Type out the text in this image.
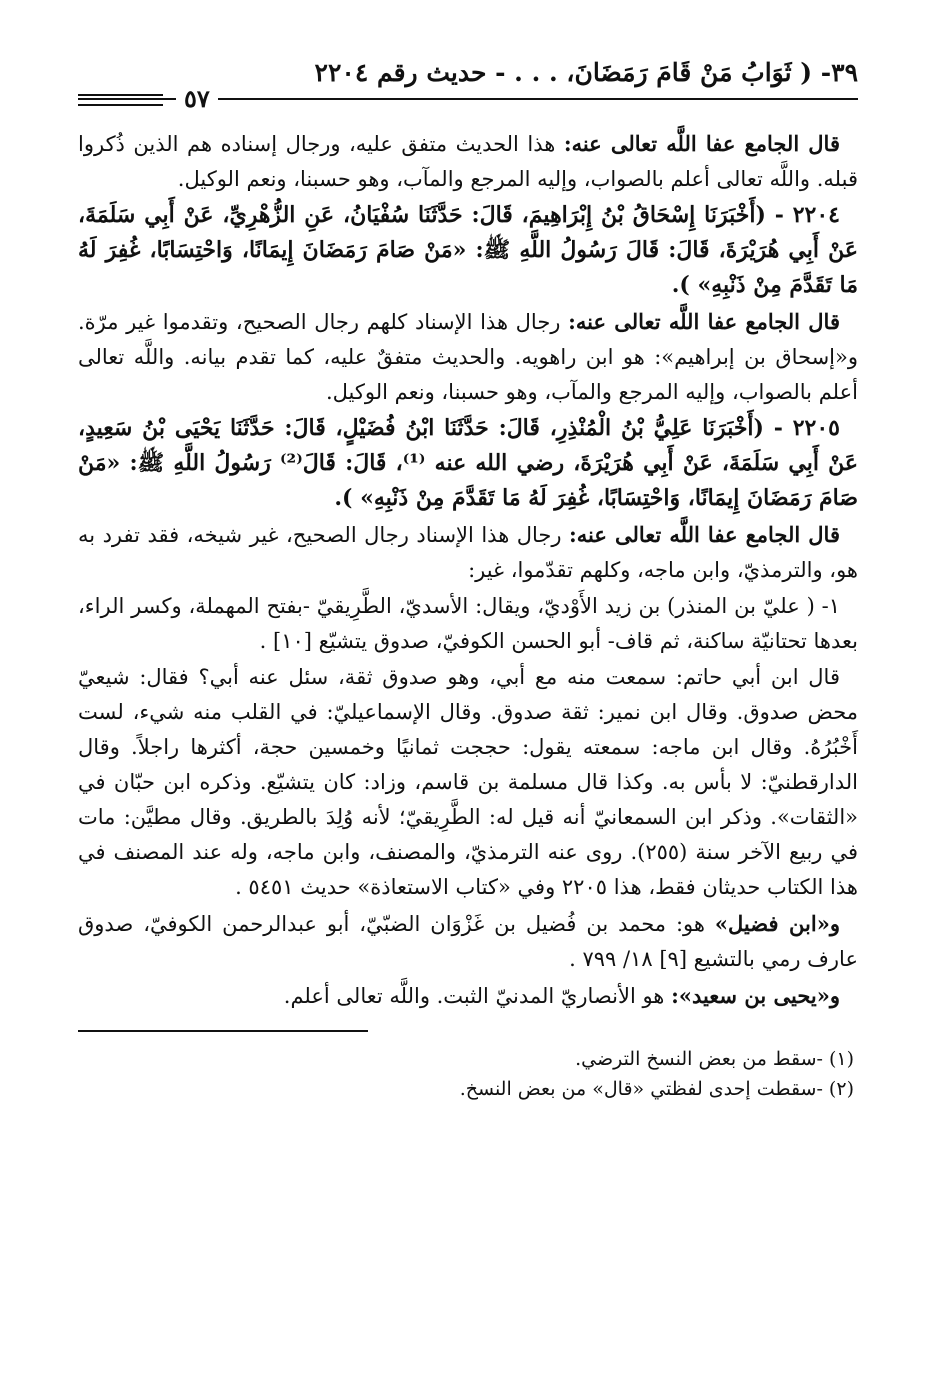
٣٩- ( ثَوَابُ مَنْ قَامَ رَمَضَانَ، . . . - حديث رقم ٢٢٠٤
٥٧

قال الجامع عفا اللَّه تعالى عنه: هذا الحديث متفق عليه، ورجال إسناده هم الذين ذُكروا قبله. واللَّه تعالى أعلم بالصواب، وإليه المرجع والمآب، وهو حسبنا، ونعم الوكيل.

٢٢٠٤ - (أَخْبَرَنَا إِسْحَاقُ بْنُ إِبْرَاهِيمَ، قَالَ: حَدَّثَنَا سُفْيَانُ، عَنِ الزُّهْرِيِّ، عَنْ أَبِي سَلَمَةَ، عَنْ أَبِي هُرَيْرَةَ، قَالَ: قَالَ رَسُولُ اللَّهِ ﷺ: «مَنْ صَامَ رَمَضَانَ إِيمَانًا، وَاحْتِسَابًا، غُفِرَ لَهُ مَا تَقَدَّمَ مِنْ ذَنْبِهِ» ).

قال الجامع عفا اللَّه تعالى عنه: رجال هذا الإسناد كلهم رجال الصحيح، وتقدموا غير مرّة. و«إسحاق بن إبراهيم»: هو ابن راهويه. والحديث متفقٌ عليه، كما تقدم بيانه. واللَّه تعالى أعلم بالصواب، وإليه المرجع والمآب، وهو حسبنا، ونعم الوكيل.

٢٢٠٥ - (أَخْبَرَنَا عَلِيُّ بْنُ الْمُنْذِرِ، قَالَ: حَدَّثَنَا ابْنُ فُضَيْلٍ، قَالَ: حَدَّثَنَا يَحْيَى بْنُ سَعِيدٍ، عَنْ أَبِي سَلَمَةَ، عَنْ أَبِي هُرَيْرَةَ، رضي الله عنه ⁽¹⁾، قَالَ: قَالَ⁽²⁾ رَسُولُ اللَّهِ ﷺ: «مَنْ صَامَ رَمَضَانَ إِيمَانًا، وَاحْتِسَابًا، غُفِرَ لَهُ مَا تَقَدَّمَ مِنْ ذَنْبِهِ» ).

قال الجامع عفا اللَّه تعالى عنه: رجال هذا الإسناد رجال الصحيح، غير شيخه، فقد تفرد به هو، والترمذيّ، وابن ماجه، وكلهم تقدّموا، غير:

١- ( عليّ بن المنذر) بن زيد الأَوْديّ، ويقال: الأسديّ، الطَّرِيقيّ -بفتح المهملة، وكسر الراء، بعدها تحتانيّة ساكنة، ثم قاف- أبو الحسن الكوفيّ، صدوق يتشيّع [١٠] .

قال ابن أبي حاتم: سمعت منه مع أبي، وهو صدوق ثقة، سئل عنه أبي؟ فقال: شيعيّ محض صدوق. وقال ابن نمير: ثقة صدوق. وقال الإسماعيليّ: في القلب منه شيء، لست أَخْبُرُهُ. وقال ابن ماجه: سمعته يقول: حججت ثمانيًا وخمسين حجة، أكثرها راجلاً. وقال الدارقطنيّ: لا بأس به. وكذا قال مسلمة بن قاسم، وزاد: كان يتشيّع. وذكره ابن حبّان في «الثقات». وذكر ابن السمعانيّ أنه قيل له: الطَّرِيقيّ؛ لأنه وُلِدَ بالطريق. وقال مطيَّن: مات في ربيع الآخر سنة (٢٥٥). روى عنه الترمذيّ، والمصنف، وابن ماجه، وله عند المصنف في هذا الكتاب حديثان فقط، هذا ٢٢٠٥ وفي «كتاب الاستعاذة» حديث ٥٤٥١ .

و«ابن فضيل» هو: محمد بن فُضيل بن غَزْوَان الضبّيّ، أبو عبدالرحمن الكوفيّ، صدوق عارف رمي بالتشيع [٩] ١٨/ ٧٩٩ .

و«يحيى بن سعيد»: هو الأنصاريّ المدنيّ الثبت. واللَّه تعالى أعلم.

(١) -سقط من بعض النسخ الترضي.

(٢) -سقطت إحدى لفظتي «قال» من بعض النسخ.
